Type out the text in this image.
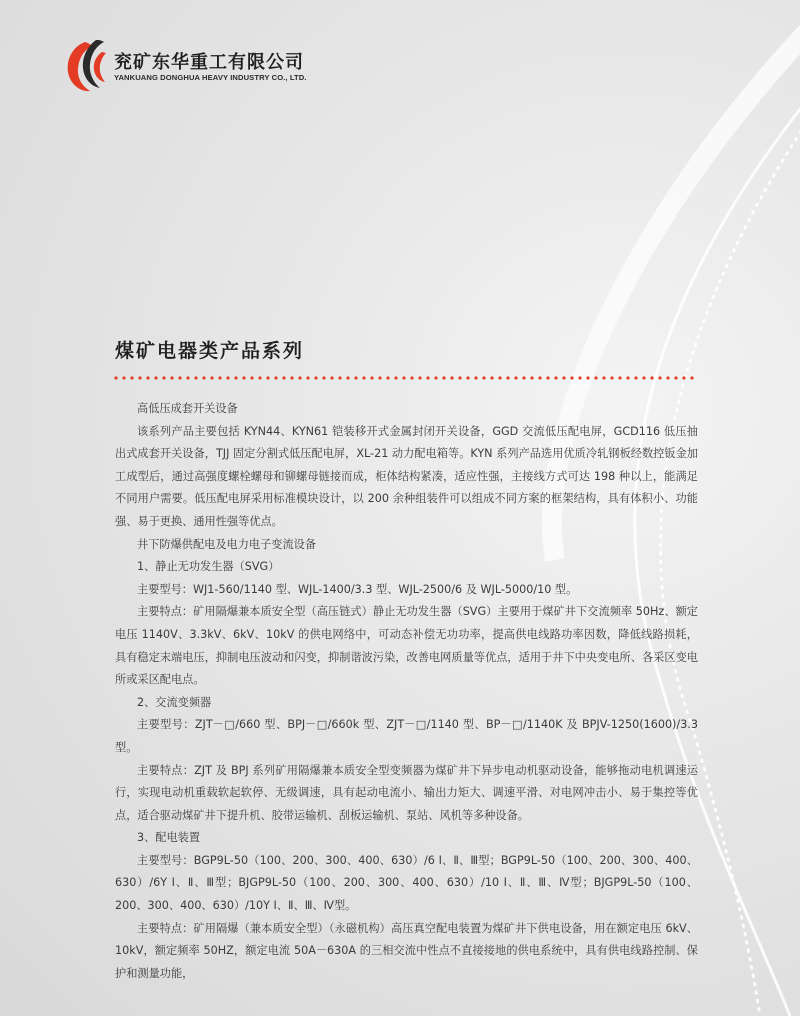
兖矿东华重工有限公司
YANKUANG DONGHUA HEAVY INDUSTRY CO., LTD.
煤矿电器类产品系列

高低压成套开关设备

该系列产品主要包括 KYN44、KYN61 铠装移开式金属封闭开关设备，GGD 交流低压配电屏，GCD116 低压抽出式成套开关设备，TJJ 固定分割式低压配电屏，XL-21 动力配电箱等。KYN 系列产品选用优质冷轧钢板经数控钣金加工成型后，通过高强度螺栓螺母和铆螺母链接而成，柜体结构紧凑，适应性强，主接线方式可达 198 种以上，能满足不同用户需要。低压配电屏采用标准模块设计，以 200 余种组装件可以组成不同方案的框架结构，具有体积小、功能强、易于更换、通用性强等优点。

井下防爆供配电及电力电子变流设备

1、静止无功发生器（SVG）

主要型号：WJ1-560/1140 型、WJL-1400/3.3 型、WJL-2500/6 及 WJL-5000/10 型。

主要特点：矿用隔爆兼本质安全型（高压链式）静止无功发生器（SVG）主要用于煤矿井下交流频率 50Hz、额定电压 1140V、3.3kV、6kV、10kV 的供电网络中，可动态补偿无功功率，提高供电线路功率因数，降低线路损耗，具有稳定末端电压，抑制电压波动和闪变，抑制谐波污染，改善电网质量等优点，适用于井下中央变电所、各采区变电所或采区配电点。

2、交流变频器

主要型号：ZJT－□/660 型、BPJ－□/660k 型、ZJT－□/1140 型、BP－□/1140K 及 BPJV-1250(1600)/3.3 型。

主要特点：ZJT 及 BPJ 系列矿用隔爆兼本质安全型变频器为煤矿井下异步电动机驱动设备，能够拖动电机调速运行，实现电动机重载软起软停、无级调速，具有起动电流小、输出力矩大、调速平滑、对电网冲击小、易于集控等优点，适合驱动煤矿井下提升机、胶带运输机、刮板运输机、泵站、风机等多种设备。

3、配电装置

主要型号：BGP9L-50（100、200、300、400、630）/6 Ⅰ、Ⅱ、Ⅲ型；BGP9L-50（100、200、300、400、630）/6Y Ⅰ、Ⅱ、Ⅲ型；BJGP9L-50（100、200、300、400、630）/10 Ⅰ、Ⅱ、Ⅲ、Ⅳ型；BJGP9L-50（100、200、300、400、630）/10Y Ⅰ、Ⅱ、Ⅲ、Ⅳ型。

主要特点：矿用隔爆（兼本质安全型）（永磁机构）高压真空配电装置为煤矿井下供电设备，用在额定电压 6kV、10kV，额定频率 50HZ，额定电流 50A－630A 的三相交流中性点不直接接地的供电系统中，具有供电线路控制、保护和测量功能，
